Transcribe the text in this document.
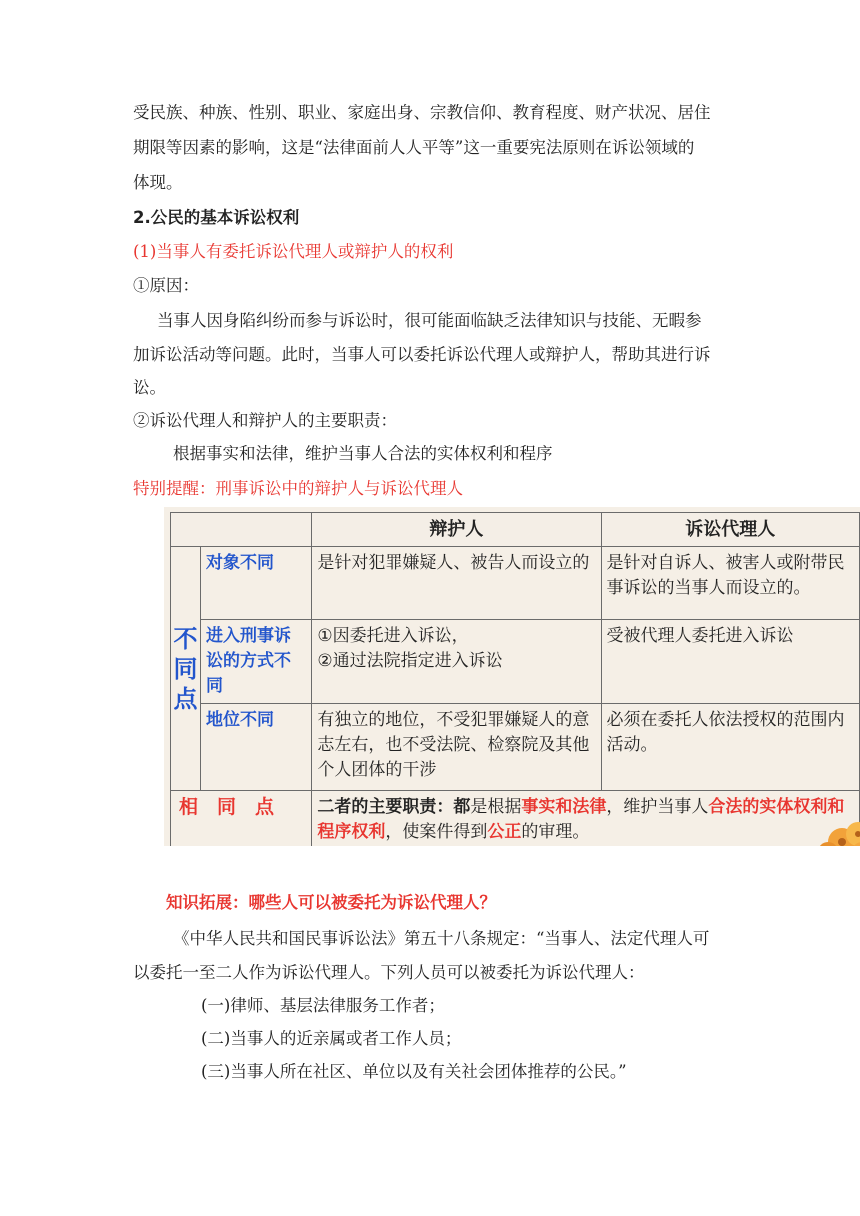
受民族、种族、性别、职业、家庭出身、宗教信仰、教育程度、财产状况、居住
期限等因素的影响，这是“法律面前人人平等”这一重要宪法原则在诉讼领域的
体现。
2.公民的基本诉讼权利
(1)当事人有委托诉讼代理人或辩护人的权利
①原因：
当事人因身陷纠纷而参与诉讼时，很可能面临缺乏法律知识与技能、无暇参
加诉讼活动等问题。此时，当事人可以委托诉讼代理人或辩护人，帮助其进行诉
讼。
②诉讼代理人和辩护人的主要职责：
根据事实和法律，维护当事人合法的实体权利和程序
特别提醒：刑事诉讼中的辩护人与诉讼代理人
		辩护人	诉讼代理人

不
同
点	对象不同	是针对犯罪嫌疑人、被告人而设立的	是针对自诉人、被害人或附带民事诉讼的当事人而设立的。
	进入刑事诉讼的方式不同	①因委托进入诉讼，
②通过法院指定进入诉讼	受被代理人委托进入诉讼
	地位不同	有独立的地位，不受犯罪嫌疑人的意志左右，也不受法院、检察院及其他个人团体的干涉	必须在委托人依法授权的范围内活动。
相　同　点		二者的主要职责：都是根据事实和法律，维护当事人合法的实体权利和程序权利，使案件得到公正的审理。	
知识拓展：哪些人可以被委托为诉讼代理人？
《中华人民共和国民事诉讼法》第五十八条规定：“当事人、法定代理人可
以委托一至二人作为诉讼代理人。下列人员可以被委托为诉讼代理人：
(一)律师、基层法律服务工作者；
(二)当事人的近亲属或者工作人员；
(三)当事人所在社区、单位以及有关社会团体推荐的公民。”
